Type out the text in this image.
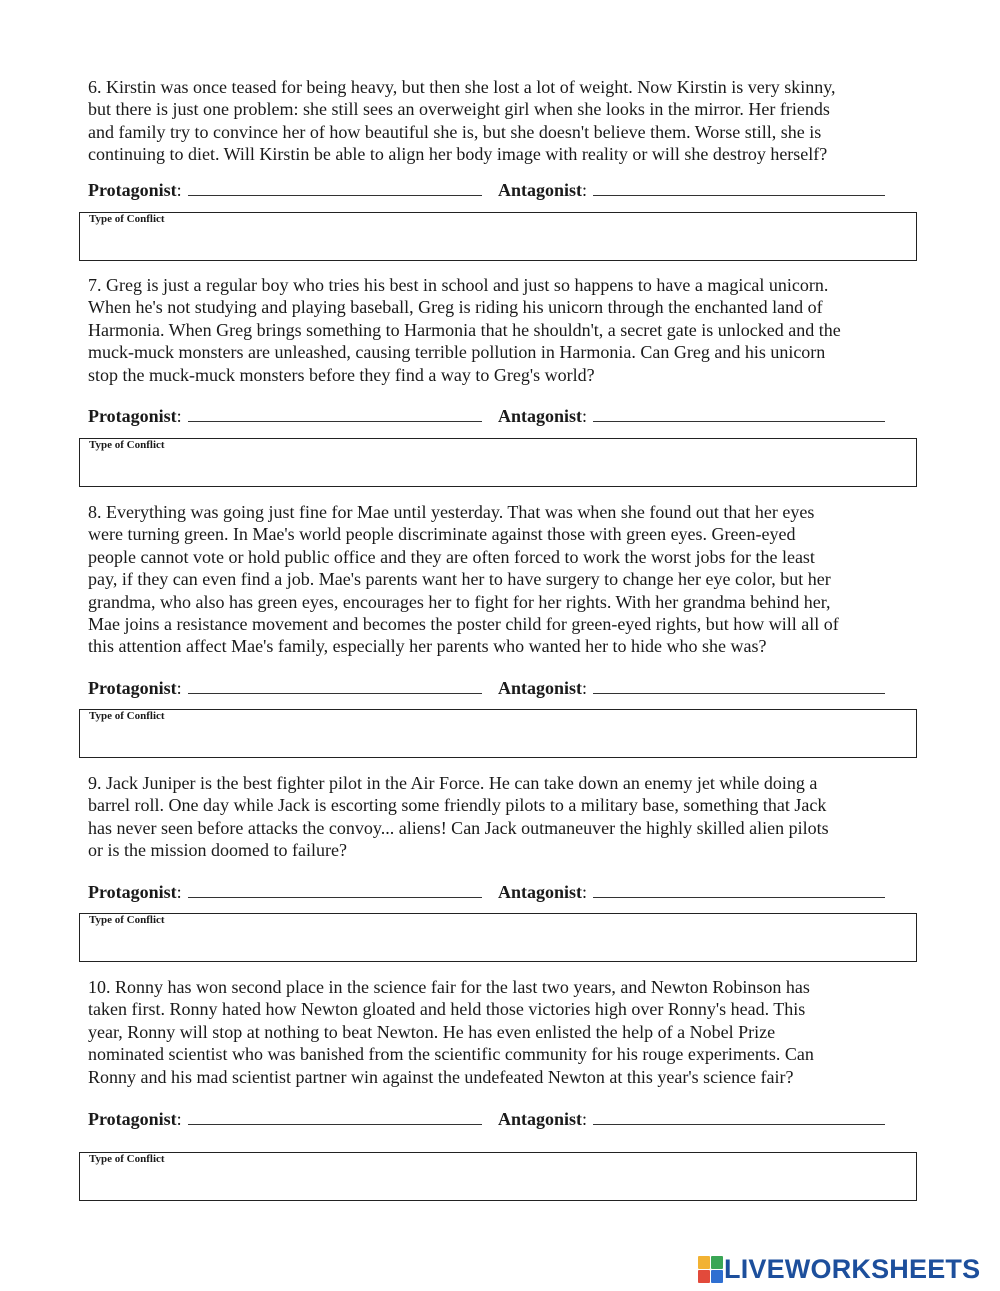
6. Kirstin was once teased for being heavy, but then she lost a lot of weight. Now Kirstin is very skinny,
but there is just one problem: she still sees an overweight girl when she looks in the mirror. Her friends
and family try to convince her of how beautiful she is, but she doesn't believe them. Worse still, she is
continuing to diet. Will Kirstin be able to align her body image with reality or will she destroy herself?
Protagonist:	Antagonist:
Type of Conflict
7. Greg is just a regular boy who tries his best in school and just so happens to have a magical unicorn.
When he's not studying and playing baseball, Greg is riding his unicorn through the enchanted land of
Harmonia. When Greg brings something to Harmonia that he shouldn't, a secret gate is unlocked and the
muck-muck monsters are unleashed, causing terrible pollution in Harmonia. Can Greg and his unicorn
stop the muck-muck monsters before they find a way to Greg's world?
Protagonist:	Antagonist:
Type of Conflict
8. Everything was going just fine for Mae until yesterday. That was when she found out that her eyes
were turning green. In Mae's world people discriminate against those with green eyes. Green-eyed
people cannot vote or hold public office and they are often forced to work the worst jobs for the least
pay, if they can even find a job. Mae's parents want her to have surgery to change her eye color, but her
grandma, who also has green eyes, encourages her to fight for her rights. With her grandma behind her,
Mae joins a resistance movement and becomes the poster child for green-eyed rights, but how will all of
this attention affect Mae's family, especially her parents who wanted her to hide who she was?
Protagonist:	Antagonist:
Type of Conflict
9. Jack Juniper is the best fighter pilot in the Air Force. He can take down an enemy jet while doing a
barrel roll. One day while Jack is escorting some friendly pilots to a military base, something that Jack
has never seen before attacks the convoy... aliens! Can Jack outmaneuver the highly skilled alien pilots
or is the mission doomed to failure?
Protagonist:	Antagonist:
Type of Conflict
10. Ronny has won second place in the science fair for the last two years, and Newton Robinson has
taken first. Ronny hated how Newton gloated and held those victories high over Ronny's head. This
year, Ronny will stop at nothing to beat Newton. He has even enlisted the help of a Nobel Prize
nominated scientist who was banished from the scientific community for his rouge experiments. Can
Ronny and his mad scientist partner win against the undefeated Newton at this year's science fair?
Protagonist:	Antagonist:
Type of Conflict
LIVEWORKSHEETS
